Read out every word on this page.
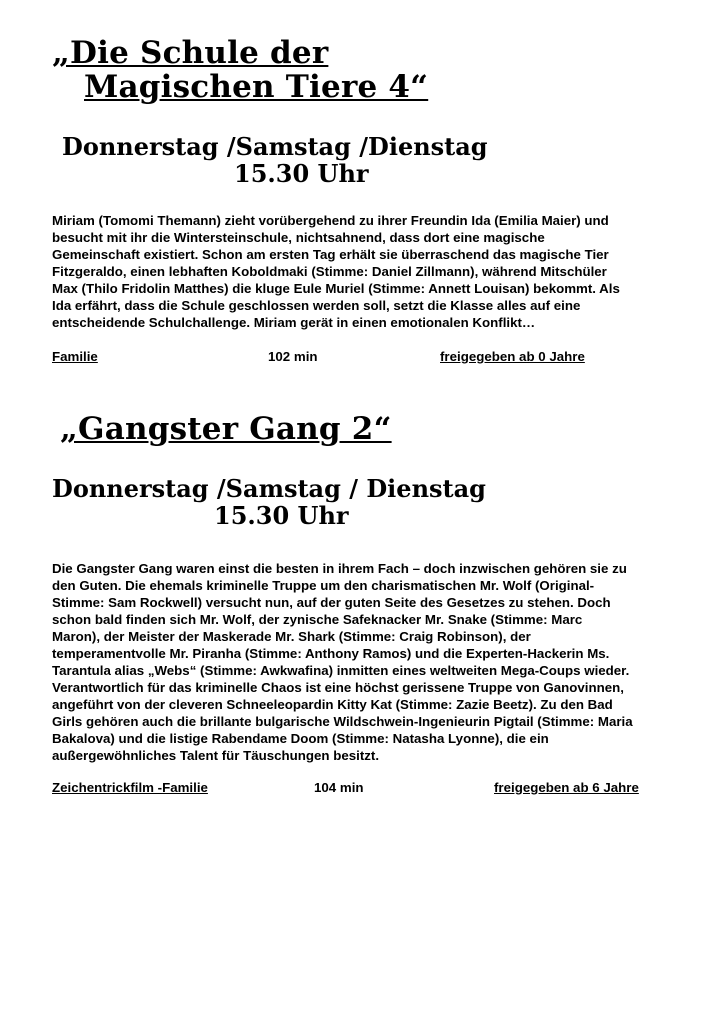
„Die Schule der
Magischen Tiere 4“
Donnerstag /Samstag /Dienstag
15.30 Uhr

Miriam (Tomomi Themann) zieht vorübergehend zu ihrer Freundin Ida (Emilia Maier) und
besucht mit ihr die Wintersteinschule, nichtsahnend, dass dort eine magische
Gemeinschaft existiert. Schon am ersten Tag erhält sie überraschend das magische Tier
Fitzgeraldo, einen lebhaften Koboldmaki (Stimme: Daniel Zillmann), während Mitschüler
Max (Thilo Fridolin Matthes) die kluge Eule Muriel (Stimme: Annett Louisan) bekommt. Als
Ida erfährt, dass die Schule geschlossen werden soll, setzt die Klasse alles auf eine
entscheidende Schulchallenge. Miriam gerät in einen emotionalen Konflikt…

Familie	102 min	freigegeben ab 0 Jahre
„Gangster Gang 2“
Donnerstag /Samstag / Dienstag
15.30 Uhr

Die Gangster Gang waren einst die besten in ihrem Fach – doch inzwischen gehören sie zu
den Guten. Die ehemals kriminelle Truppe um den charismatischen Mr. Wolf (Original-
Stimme: Sam Rockwell) versucht nun, auf der guten Seite des Gesetzes zu stehen. Doch
schon bald finden sich Mr. Wolf, der zynische Safeknacker Mr. Snake (Stimme: Marc
Maron), der Meister der Maskerade Mr. Shark (Stimme: Craig Robinson), der
temperamentvolle Mr. Piranha (Stimme: Anthony Ramos) und die Experten-Hackerin Ms.
Tarantula alias „Webs“ (Stimme: Awkwafina) inmitten eines weltweiten Mega-Coups wieder.
Verantwortlich für das kriminelle Chaos ist eine höchst gerissene Truppe von Ganovinnen,
angeführt von der cleveren Schneeleopardin Kitty Kat (Stimme: Zazie Beetz). Zu den Bad
Girls gehören auch die brillante bulgarische Wildschwein-Ingenieurin Pigtail (Stimme: Maria
Bakalova) und die listige Rabendame Doom (Stimme: Natasha Lyonne), die ein
außergewöhnliches Talent für Täuschungen besitzt.

Zeichentrickfilm -Familie	104 min	freigegeben ab 6 Jahre
